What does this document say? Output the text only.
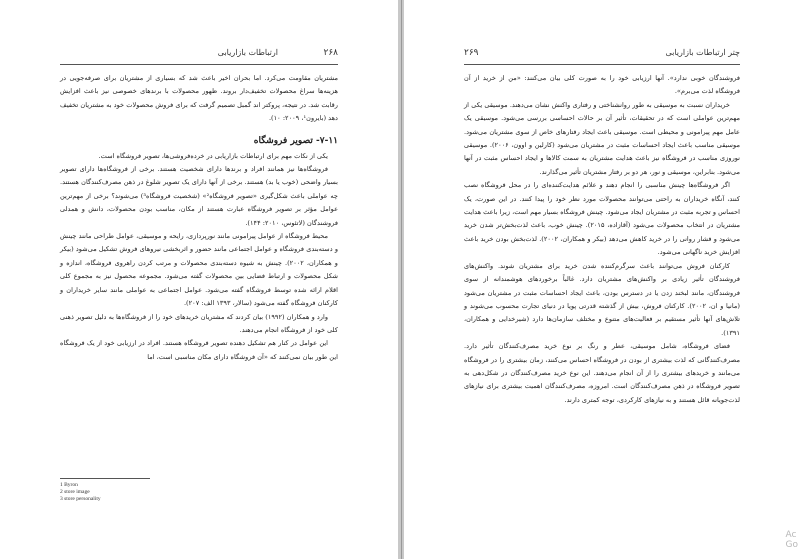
۲۶۸
ارتباطات بازاریابی

مشتریان مقاومت می‌کرد. اما بحران اخیر باعث شد که بسیاری از مشتریان برای صرفه‌جویی در هزینه‌ها سراغ محصولات تخفیف‌دار بروند. ظهور محصولات با برندهای خصوصی نیز باعث افزایش رقابت شد. در نتیجه، پروکتر اند گمبل تصمیم گرفت که برای فروش محصولات خود به مشتریان تخفیف دهد (بایرون¹، ۲۰۰۹: ۱۰).

۷-۱۱- تصویر فروشگاه

یکی از نکات مهم برای ارتباطات بازاریابی در خرده‌فروشی‌ها، تصویر فروشگاه است.

فروشگاه‌ها نیز همانند افراد و برندها دارای شخصیت هستند. برخی از فروشگاه‌ها دارای تصویر بسیار واضحی (خوب یا بد) هستند. برخی از آنها دارای یک تصویر شلوغ در ذهن مصرف‌کنندگان هستند. چه عواملی باعث شکل‌گیری «تصویر فروشگاه²» (شخصیت فروشگاه³) می‌شوند؟ برخی از مهم‌ترین عوامل مؤثر بر تصویر فروشگاه عبارت هستند از مکان، مناسب بودن محصولات، دانش و همدلی فروشندگان (لاتئوس، ۲۰۱۰: ۱۴۴).

محیط فروشگاه از عوامل پیرامونی مانند نورپردازی، رایحه و موسیقی، عوامل طراحی مانند چینش و دسته‌بندی فروشگاه و عوامل اجتماعی مانند حضور و اثربخشی نیروهای فروش تشکیل می‌شود (بیکر و همکاران، ۲۰۰۲). چینش به شیوه دسته‌بندی محصولات و مرتب کردن راهروی فروشگاه، اندازه و شکل محصولات و ارتباط فضایی بین محصولات گفته می‌شود. مجموعه محصول نیز به مجموع کلی اقلام ارائه شده توسط فروشگاه گفته می‌شود. عوامل اجتماعی به عواملی مانند سایر خریداران و کارکنان فروشگاه گفته می‌شود (سالار، ۱۳۹۳ الف: ۲۰۷).

وارد و همکاران (۱۹۹۲) بیان کردند که مشتریان خریدهای خود را از فروشگاه‌ها به دلیل تصویر ذهنی کلی خود از فروشگاه انجام می‌دهند.

این عوامل در کنار هم تشکیل دهنده تصویر فروشگاه هستند. افراد در ارزیابی خود از یک فروشگاه این طور بیان نمی‌کنند که «آن فروشگاه دارای مکان مناسبی است، اما

1 Byron
2 store image
3 store personality
۲۶۹	چتر ارتباطات بازاریابی

فروشندگان خوبی ندارد». آنها ارزیابی خود را به صورت کلی بیان می‌کنند: «من از خرید از آن فروشگاه لذت می‌برم».

خریداران نسبت به موسیقی به طور روانشناختی و رفتاری واکنش نشان می‌دهند. موسیقی یکی از مهم‌ترین عواملی است که در تحقیقات، تأثیر آن بر حالات احساسی بررسی می‌شود. موسیقی یک عامل مهم پیرامونی و محیطی است. موسیقی باعث ایجاد رفتارهای خاص از سوی مشتریان می‌شود. موسیقی مناسب باعث ایجاد احساسات مثبت در مشتریان می‌شود (کارلین و اوون، ۲۰۰۶). موسیقی نوروزی مناسب در فروشگاه نیز باعث هدایت مشتریان به سمت کالاها و ایجاد احساس مثبت در آنها می‌شود. بنابراین، موسیقی و نور، هر دو بر رفتار مشتریان تأثیر می‌گذارند.

اگر فروشگاه‌ها چینش مناسبی را انجام دهند و علائم هدایت‌کننده‌ای را در محل فروشگاه نصب کنند، آنگاه خریداران به راحتی می‌توانند محصولات مورد نظر خود را پیدا کنند. در این صورت، یک احساس و تجربه مثبت در مشتریان ایجاد می‌شود. چینش فروشگاه بسیار مهم است، زیرا باعث هدایت مشتریان در انتخاب محصولات می‌شود (آقازاده، ۲۰۱۵). چینش خوب، باعث لذت‌بخش‌تر شدن خرید می‌شود و فشار روانی را در خرید کاهش می‌دهد (بیکر و همکاران، ۲۰۰۲). لذت‌بخش بودن خرید باعث افزایش خرید ناگهانی می‌شود.

کارکنان فروش می‌توانند باعث سرگرم‌کننده شدن خرید برای مشتریان شوند. واکنش‌های فروشندگان تأثیر زیادی بر واکنش‌های مشتریان دارد. غالباً برخوردهای هوشمندانه از سوی فروشندگان، مانند لبخند زدن یا در دسترس بودن، باعث ایجاد احساسات مثبت در مشتریان می‌شود (مانیا و ان، ۲۰۰۲). کارکنان فروش، بیش از گذشته قدرتی پویا در دنیای تجارت محسوب می‌شوند و تلاش‌های آنها تأثیر مستقیم بر فعالیت‌های متنوع و مختلف سازمان‌ها دارد (شیرخدایی و همکاران، ۱۳۹۱).

فضای فروشگاه، شامل موسیقی، عطر و رنگ بر نوع خرید مصرف‌کنندگان تأثیر دارد. مصرف‌کنندگانی که لذت بیشتری از بودن در فروشگاه احساس می‌کنند، زمان بیشتری را در فروشگاه می‌مانند و خریدهای بیشتری را از آن انجام می‌دهند. این نوع خرید مصرف‌کنندگان در شکل‌دهی به تصویر فروشگاه در ذهن مصرف‌کنندگان است. امروزه، مصرف‌کنندگان اهمیت بیشتری برای نیازهای لذت‌جویانه قائل هستند و به نیازهای کارکردی، توجه کمتری دارند.

Ac
Go
